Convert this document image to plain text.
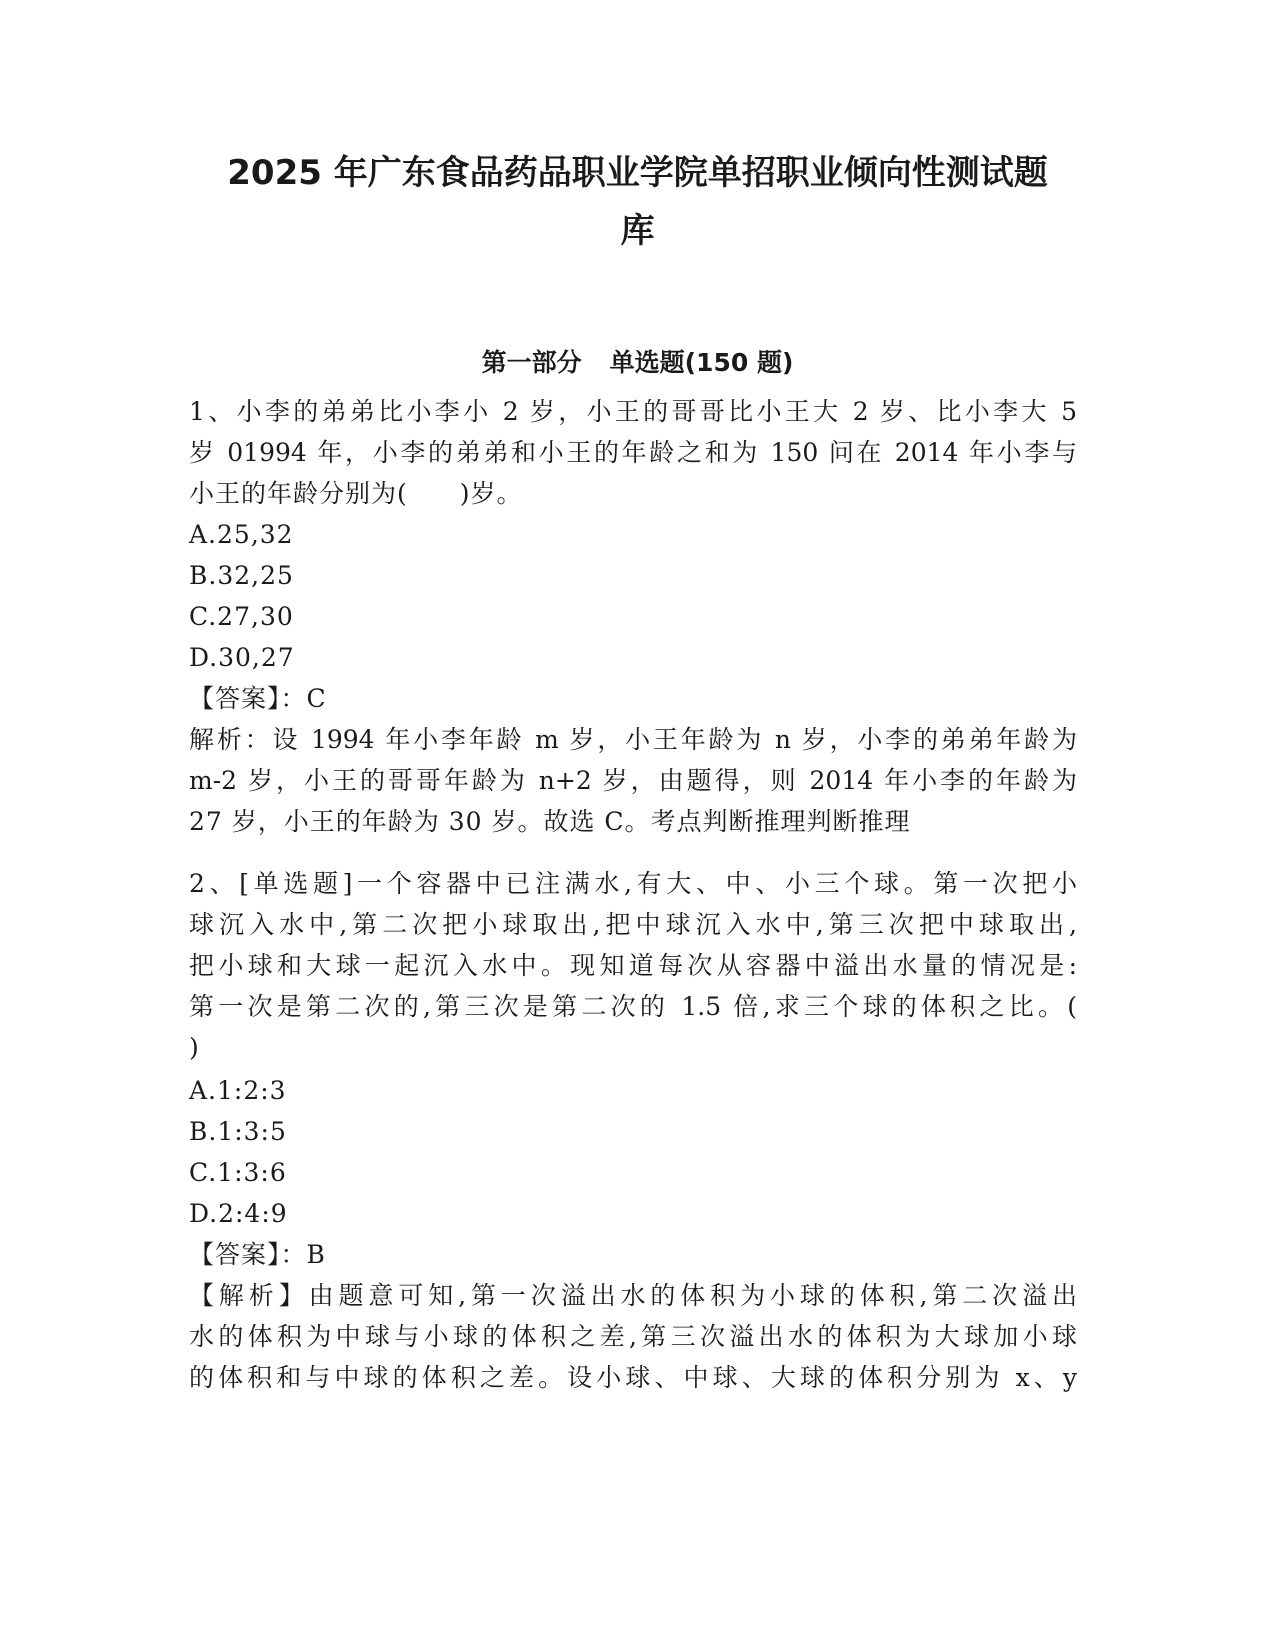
2025 年广东食品药品职业学院单招职业倾向性测试题
库
第一部分 单选题(150 题)
1、小李的弟弟比小李小 2 岁，小王的哥哥比小王大 2 岁、比小李大 5
岁 01994 年，小李的弟弟和小王的年龄之和为 150 问在 2014 年小李与
小王的年龄分别为(　　)岁。
A.25,32
B.32,25
C.27,30
D.30,27
【答案】：C
解析：设 1994 年小李年龄 m 岁，小王年龄为 n 岁，小李的弟弟年龄为
m-2 岁，小王的哥哥年龄为 n+2 岁，由题得，则 2014 年小李的年龄为
27 岁，小王的年龄为 30 岁。故选 C。考点判断推理判断推理
2、[单选题]一个容器中已注满水,有大、中、小三个球。第一次把小
球沉入水中,第二次把小球取出,把中球沉入水中,第三次把中球取出,
把小球和大球一起沉入水中。现知道每次从容器中溢出水量的情况是:
第一次是第二次的,第三次是第二次的 1.5 倍,求三个球的体积之比。(
)
A.1:2:3
B.1:3:5
C.1:3:6
D.2:4:9
【答案】：B
【解析】由题意可知,第一次溢出水的体积为小球的体积,第二次溢出
水的体积为中球与小球的体积之差,第三次溢出水的体积为大球加小球
的体积和与中球的体积之差。设小球、中球、大球的体积分别为 x、y
